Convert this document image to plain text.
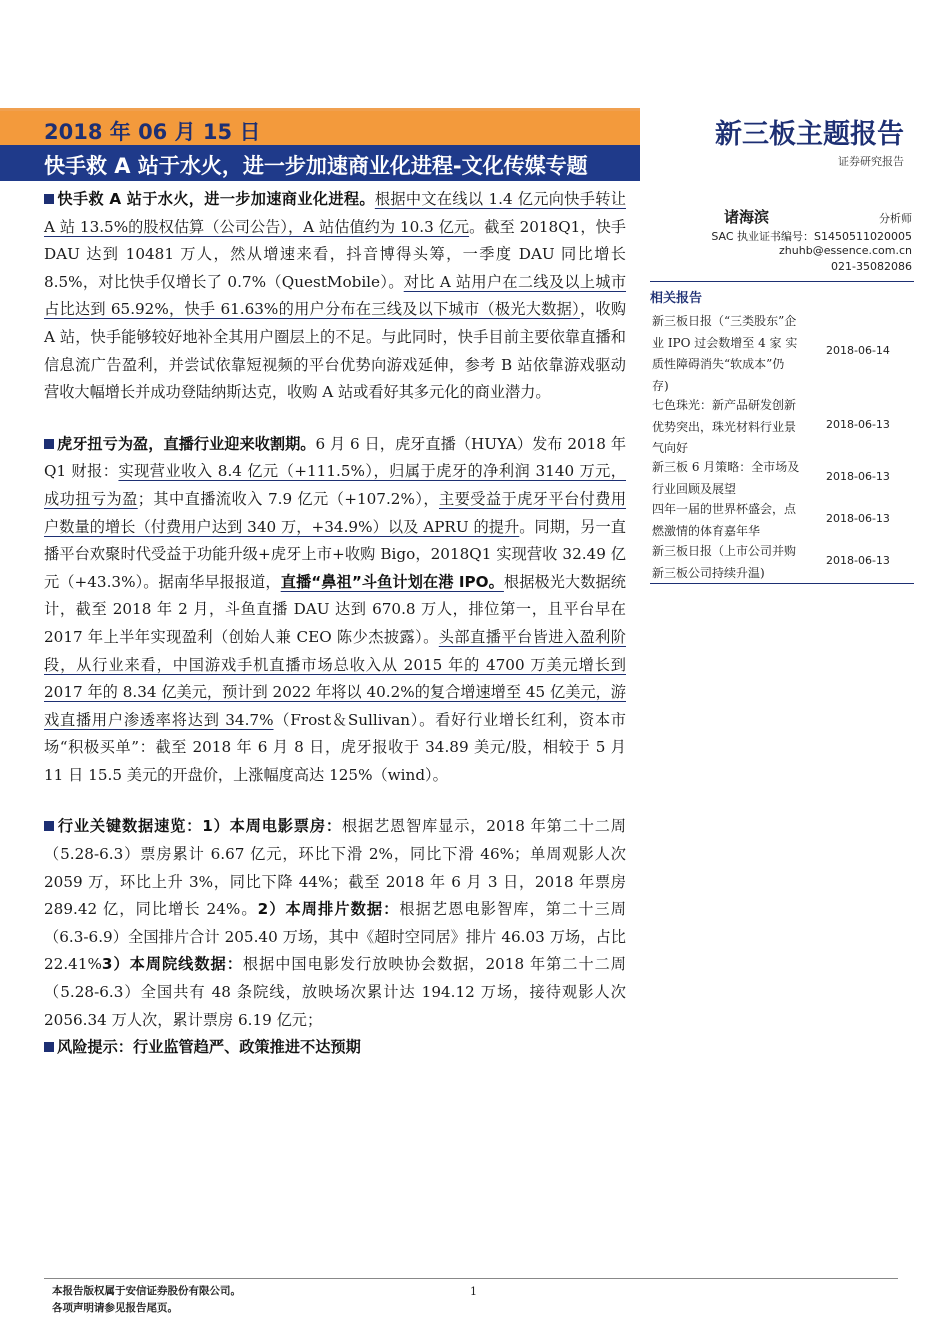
2018 年 06 月 15 日
快手救 A 站于水火，进一步加速商业化进程-文化传媒专题
新三板主题报告
证券研究报告

快手救 A 站于水火，进一步加速商业化进程。根据中文在线以 1.4 亿元向快手转让 A 站 13.5%的股权估算（公司公告），A 站估值约为 10.3 亿元。截至 2018Q1，快手 DAU 达到 10481 万人，然从增速来看，抖音博得头筹，一季度 DAU 同比增长 8.5%，对比快手仅增长了 0.7%（QuestMobile）。对比 A 站用户在二线及以上城市占比达到 65.92%，快手 61.63%的用户分布在三线及以下城市（极光大数据），收购 A 站，快手能够较好地补全其用户圈层上的不足。与此同时，快手目前主要依靠直播和信息流广告盈利，并尝试依靠短视频的平台优势向游戏延伸，参考 B 站依靠游戏驱动营收大幅增长并成功登陆纳斯达克，收购 A 站或看好其多元化的商业潜力。

虎牙扭亏为盈，直播行业迎来收割期。6 月 6 日，虎牙直播（HUYA）发布 2018 年 Q1 财报：实现营业收入 8.4 亿元（+111.5%），归属于虎牙的净利润 3140 万元，成功扭亏为盈；其中直播流收入 7.9 亿元（+107.2%），主要受益于虎牙平台付费用户数量的增长（付费用户达到 340 万，+34.9%）以及 APRU 的提升。同期，另一直播平台欢聚时代受益于功能升级+虎牙上市+收购 Bigo，2018Q1 实现营收 32.49 亿元（+43.3%）。据南华早报报道，直播“鼻祖”斗鱼计划在港 IPO。根据极光大数据统计，截至 2018 年 2 月，斗鱼直播 DAU 达到 670.8 万人，排位第一，且平台早在 2017 年上半年实现盈利（创始人兼 CEO 陈少杰披露）。头部直播平台皆进入盈利阶段，从行业来看，中国游戏手机直播市场总收入从 2015 年的 4700 万美元增长到 2017 年的 8.34 亿美元，预计到 2022 年将以 40.2%的复合增速增至 45 亿美元，游戏直播用户渗透率将达到 34.7%（Frost＆Sullivan）。看好行业增长红利，资本市场“积极买单”：截至 2018 年 6 月 8 日，虎牙报收于 34.89 美元/股，相较于 5 月 11 日 15.5 美元的开盘价，上涨幅度高达 125%（wind）。

行业关键数据速览：1）本周电影票房：根据艺恩智库显示，2018 年第二十二周（5.28-6.3）票房累计 6.67 亿元，环比下滑 2%，同比下滑 46%；单周观影人次 2059 万，环比上升 3%，同比下降 44%；截至 2018 年 6 月 3 日，2018 年票房 289.42 亿，同比增长 24%。2）本周排片数据：根据艺恩电影智库，第二十三周（6.3-6.9）全国排片合计 205.40 万场，其中《超时空同居》排片 46.03 万场，占比 22.41%3）本周院线数据：根据中国电影发行放映协会数据，2018 年第二十二周（5.28-6.3）全国共有 48 条院线，放映场次累计达 194.12 万场，接待观影人次 2056.34 万人次，累计票房 6.19 亿元；

风险提示：行业监管趋严、政策推进不达预期

诸海滨	分析师
SAC 执业证书编号：S1450511020005
zhuhb@essence.com.cn
021-35082086
相关报告
新三板日报（“三类股东”企
业 IPO 过会数增至 4 家 实
质性障碍消失“软成本”仍
存)
2018-06-14
七色珠光：新产品研发创新
优势突出，珠光材料行业景
气向好
2018-06-13
新三板 6 月策略：全市场及
行业回顾及展望
2018-06-13
四年一届的世界杯盛会，点
燃激情的体育嘉年华
2018-06-13
新三板日报（上市公司并购
新三板公司持续升温)
2018-06-13
本报告版权属于安信证券股份有限公司。
各项声明请参见报告尾页。
1
